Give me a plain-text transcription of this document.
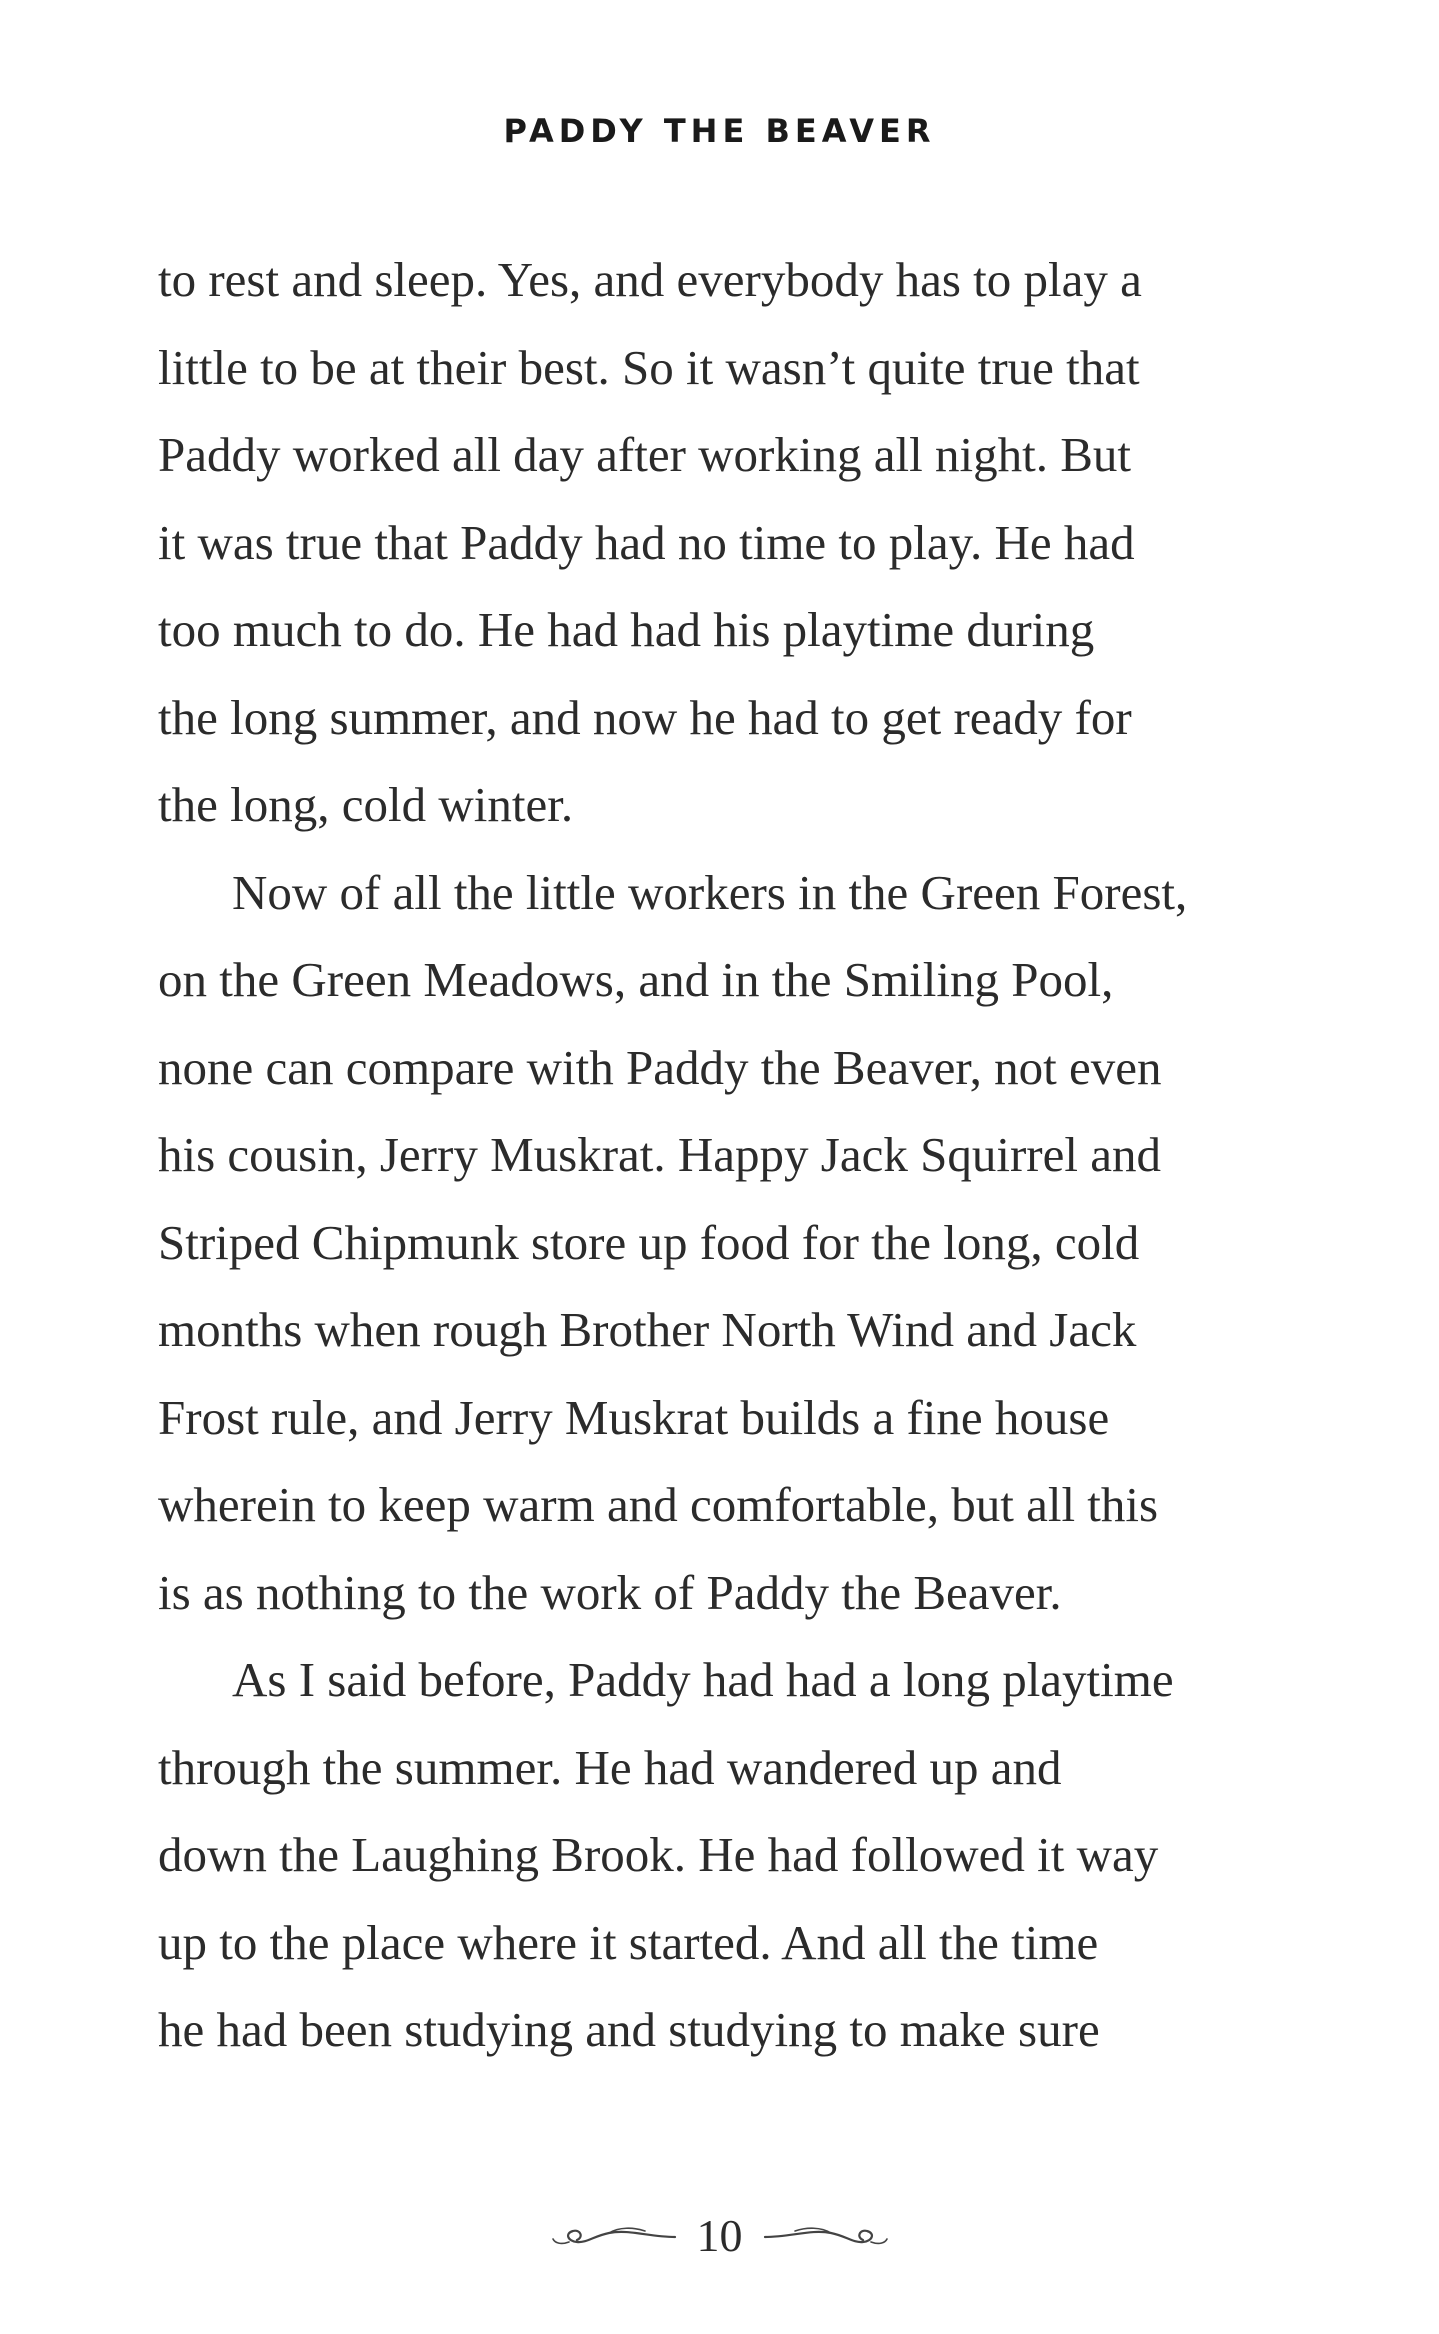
PADDY THE BEAVER

to rest and sleep. Yes, and everybody has to play a
little to be at their best. So it wasn’t quite true that
Paddy worked all day after working all night. But
it was true that Paddy had no time to play. He had
too much to do. He had had his playtime during
the long summer, and now he had to get ready for
the long, cold winter.

Now of all the little workers in the Green Forest,
on the Green Meadows, and in the Smiling Pool,
none can compare with Paddy the Beaver, not even
his cousin, Jerry Muskrat. Happy Jack Squirrel and
Striped Chipmunk store up food for the long, cold
months when rough Brother North Wind and Jack
Frost rule, and Jerry Muskrat builds a fine house
wherein to keep warm and comfortable, but all this
is as nothing to the work of Paddy the Beaver.

As I said before, Paddy had had a long playtime
through the summer. He had wandered up and
down the Laughing Brook. He had followed it way
up to the place where it started. And all the time
he had been studying and studying to make sure

10
